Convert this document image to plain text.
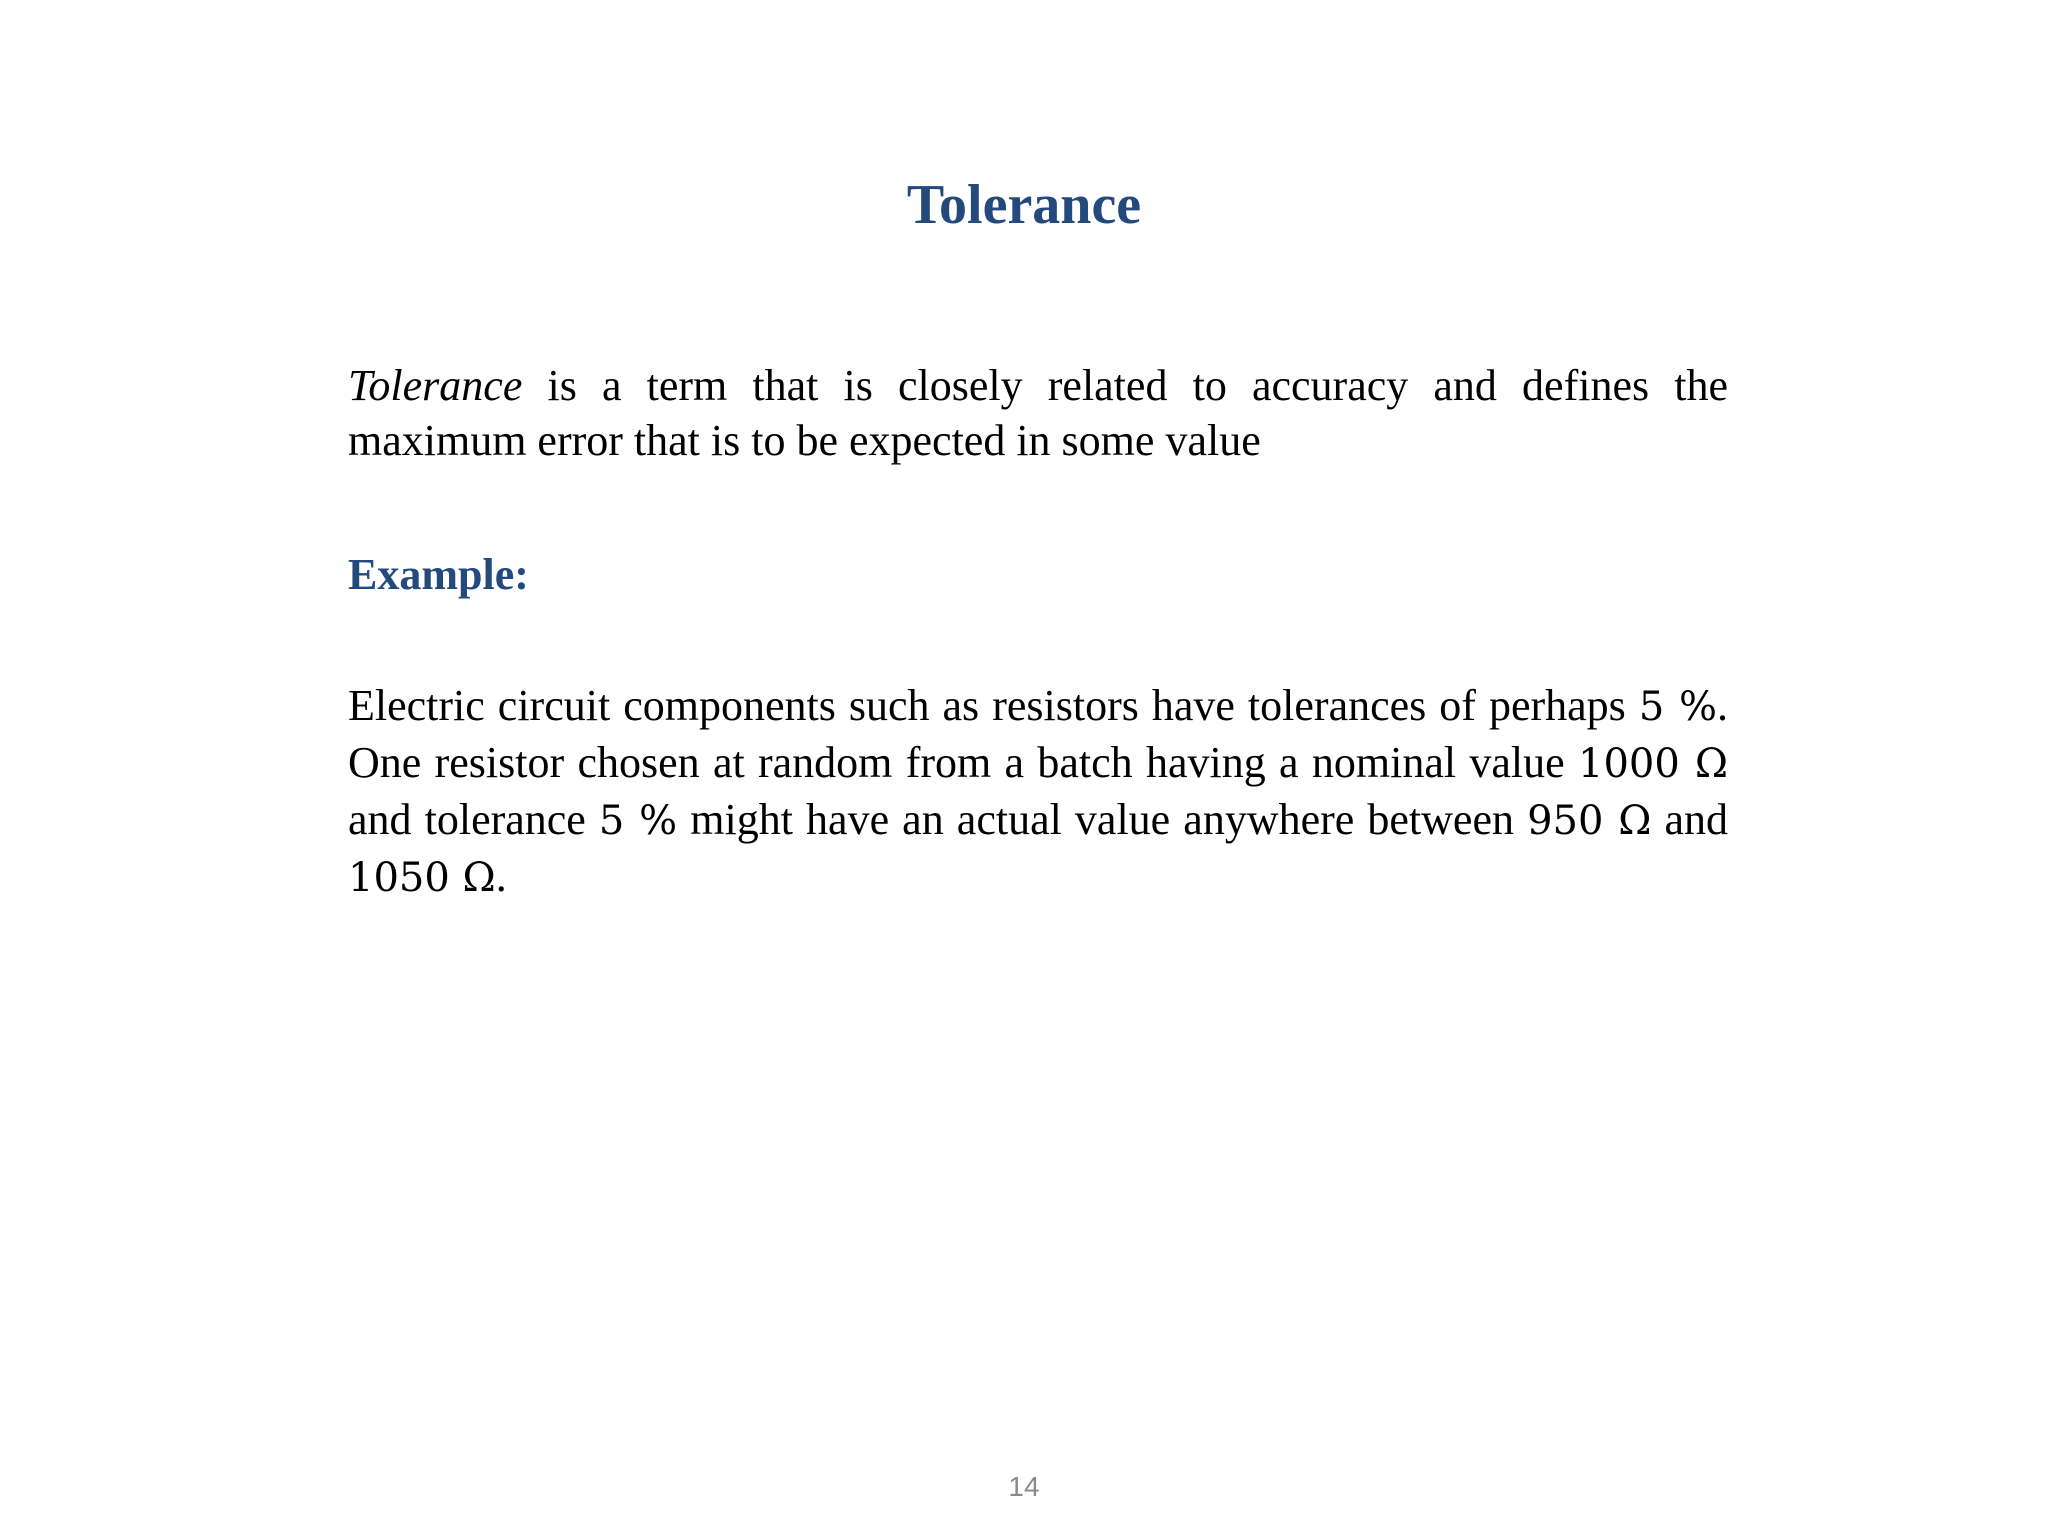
Tolerance

Tolerance is a term that is closely related to accuracy and defines the maximum error that is to be expected in some value

Example:

Electric circuit components such as resistors have tolerances of perhaps 5 %. One resistor chosen at random from a batch having a nominal value 1000 Ω and tolerance 5 % might have an actual value anywhere between 950 Ω and 1050 Ω.

14
